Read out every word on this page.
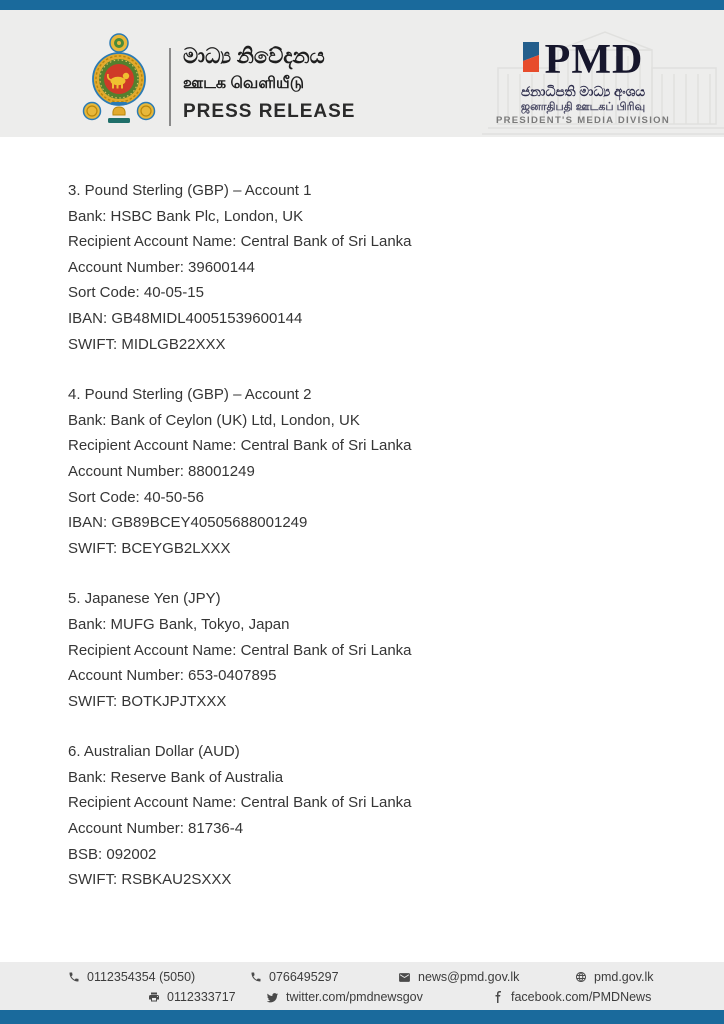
මාධ්‍ය නිවේදනය
ஊடக வெளியீடு
PRESS RELEASE
PMD
ජනාධිපති මාධ්‍ය අංශය
ஜனாதிபதி ஊடகப் பிரிவு
PRESIDENT'S MEDIA DIVISION

3. Pound Sterling (GBP) – Account 1

Bank: HSBC Bank Plc, London, UK

Recipient Account Name: Central Bank of Sri Lanka

Account Number: 39600144

Sort Code: 40-05-15

IBAN: GB48MIDL40051539600144

SWIFT: MIDLGB22XXX

4. Pound Sterling (GBP) – Account 2

Bank: Bank of Ceylon (UK) Ltd, London, UK

Recipient Account Name: Central Bank of Sri Lanka

Account Number: 88001249

Sort Code: 40-50-56

IBAN: GB89BCEY40505688001249

SWIFT: BCEYGB2LXXX

5. Japanese Yen (JPY)

Bank: MUFG Bank, Tokyo, Japan

Recipient Account Name: Central Bank of Sri Lanka

Account Number: 653-0407895

SWIFT: BOTKJPJTXXX

6. Australian Dollar (AUD)

Bank: Reserve Bank of Australia

Recipient Account Name: Central Bank of Sri Lanka

Account Number: 81736-4

BSB: 092002

SWIFT: RSBKAU2SXXX

0112354354 (5050)	0766495297	news@pmd.gov.lk	pmd.gov.lk
0112333717	twitter.com/pmdnewsgov	facebook.com/PMDNews
